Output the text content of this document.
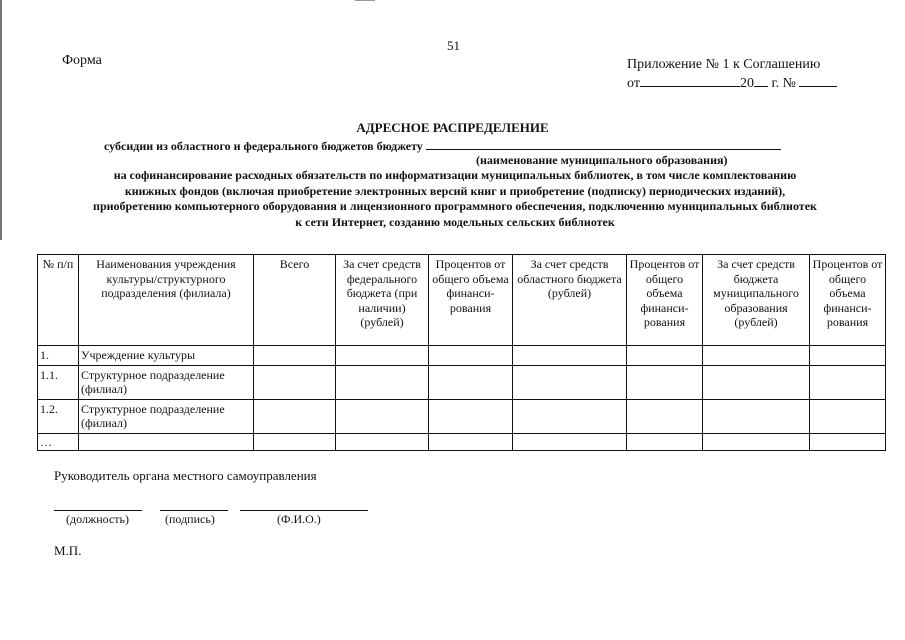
51
Форма	Приложение № 1 к Соглашению
от	20 г. №
АДРЕСНОЕ РАСПРЕДЕЛЕНИЕ
субсидии из областного и федерального бюджетов бюджету
(наименование муниципального образования)
на софинансирование расходных обязательств по информатизации муниципальных библиотек, в том числе комплектованию
книжных фондов (включая приобретение электронных версий книг и приобретение (подписку) периодических изданий),
приобретению компьютерного оборудования и лицензионного программного обеспечения, подключению муниципальных библиотек
к сети Интернет, созданию модельных сельских библиотек
№ п/п	Наименования учреждения культуры/структурного подразделения (филиала)	Всего	За счет средств федерального бюджета (при наличии) (рублей)	Процентов от общего объема финанси-рования	За счет средств областного бюджета (рублей)	Процентов от общего объема финанси-рования	За счет средств бюджета муниципального образования (рублей)	Процентов от общего объема финанси-рования
1.	Учреждение культуры							
1.1.	Структурное подразделение (филиал)							
1.2.	Структурное подразделение (филиал)							
…								
Руководитель органа местного самоуправления
(должность)	(подпись)	(Ф.И.О.)
М.П.
